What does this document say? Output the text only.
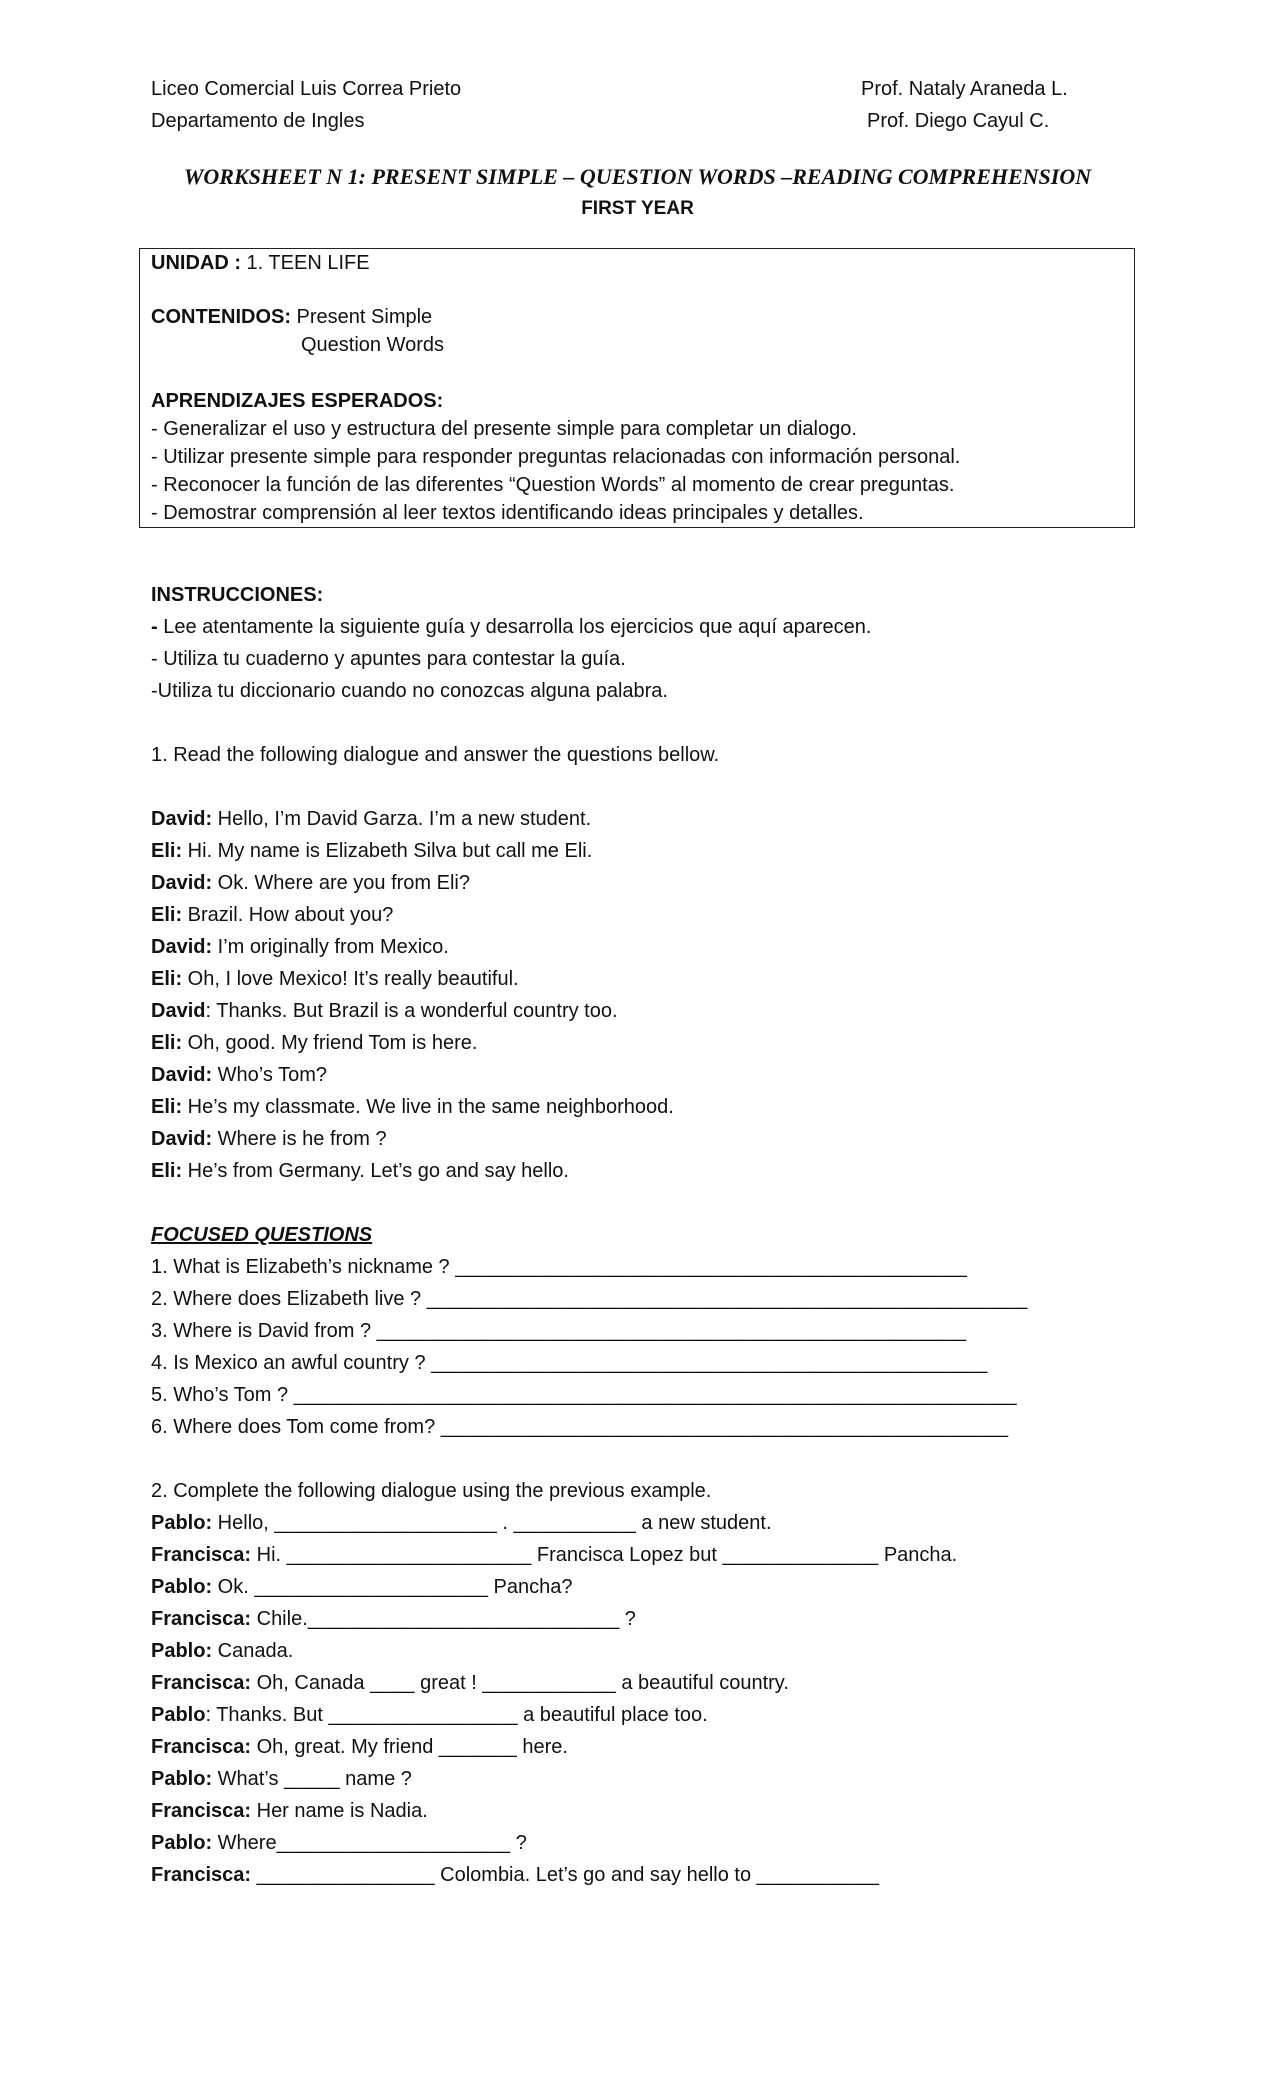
Liceo Comercial Luis Correa Prieto
Departamento de Ingles
Prof. Nataly Araneda L.
Prof. Diego Cayul C.
WORKSHEET N 1: PRESENT SIMPLE – QUESTION WORDS –READING COMPREHENSION
FIRST YEAR
UNIDAD : 1. TEEN LIFE
CONTENIDOS: Present Simple
Question Words
APRENDIZAJES ESPERADOS:
- Generalizar el uso y estructura del presente simple para completar un dialogo.
- Utilizar presente simple para responder preguntas relacionadas con información personal.
- Reconocer la función de las diferentes “Question Words” al momento de crear preguntas.
- Demostrar comprensión al leer textos identificando ideas principales y detalles.
INSTRUCCIONES:
- Lee atentamente la siguiente guía y desarrolla los ejercicios que aquí aparecen.
- Utiliza tu cuaderno y apuntes para contestar la guía.
-Utiliza tu diccionario cuando no conozcas alguna palabra.
1. Read the following dialogue and answer the questions bellow.
David: Hello, I’m David Garza. I’m a new student.
Eli: Hi. My name is Elizabeth Silva but call me Eli.
David: Ok. Where are you from Eli?
Eli: Brazil. How about you?
David: I’m originally from Mexico.
Eli: Oh, I love Mexico! It’s really beautiful.
David: Thanks. But Brazil is a wonderful country too.
Eli: Oh, good. My friend Tom is here.
David: Who’s Tom?
Eli: He’s my classmate. We live in the same neighborhood.
David: Where is he from ?
Eli: He’s from Germany. Let’s go and say hello.
FOCUSED QUESTIONS
1. What is Elizabeth’s nickname ? ______________________________________________
2. Where does Elizabeth live ? ______________________________________________________
3. Where is David from ? _____________________________________________________
4. Is Mexico an awful country ? __________________________________________________
5. Who’s Tom ? _________________________________________________________________
6. Where does Tom come from? ___________________________________________________
2. Complete the following dialogue using the previous example.
Pablo: Hello, ____________________ . ___________ a new student.
Francisca: Hi. ______________________ Francisca Lopez but ______________ Pancha.
Pablo: Ok. _____________________ Pancha?
Francisca: Chile.____________________________ ?
Pablo: Canada.
Francisca: Oh, Canada ____ great ! ____________ a beautiful country.
Pablo: Thanks. But _________________ a beautiful place too.
Francisca: Oh, great. My friend _______ here.
Pablo: What’s _____ name ?
Francisca: Her name is Nadia.
Pablo: Where_____________________ ?
Francisca: ________________ Colombia. Let’s go and say hello to ___________
